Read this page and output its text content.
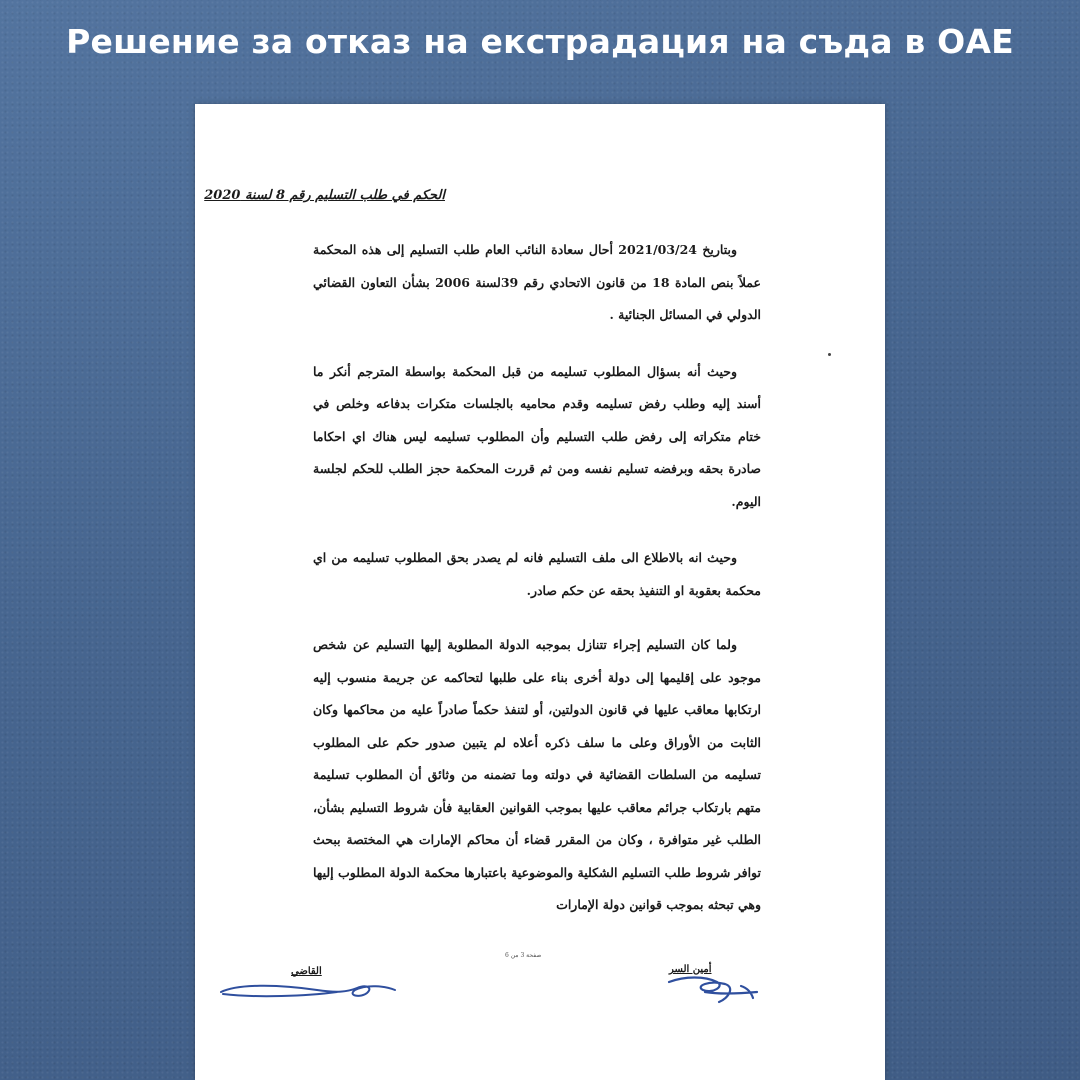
Решение за отказ на екстрадация на съда в ОАЕ
الحكم في طلب التسليم رقم 8 لسنة 2020

وبتاريخ 2021/03/24 أحال سعادة النائب العام طلب التسليم إلى هذه المحكمة عملاً بنص المادة 18 من قانون الاتحادي رقم 39لسنة 2006 بشأن التعاون القضائي الدولي في المسائل الجنائية .

وحيث أنه بسؤال المطلوب تسليمه من قبل المحكمة بواسطة المترجم أنكر ما أسند إليه وطلب رفض تسليمه وقدم محاميه بالجلسات متكرات بدفاعه وخلص في ختام متكراته إلى رفض طلب التسليم وأن المطلوب تسليمه ليس هناك اي احكاما صادرة بحقه وبرفضه تسليم نفسه ومن ثم قررت المحكمة حجز الطلب للحكم لجلسة اليوم.

وحيث انه بالاطلاع الى ملف التسليم فانه لم يصدر بحق المطلوب تسليمه من اي محكمة بعقوبة او التنفيذ بحقه عن حكم صادر.

ولما كان التسليم إجراء تتنازل بموجبه الدولة المطلوبة إليها التسليم عن شخص موجود على إقليمها إلى دولة أخرى بناء على طلبها لتحاكمه عن جريمة منسوب إليه ارتكابها معاقب عليها في قانون الدولتين، أو لتنفذ حكماً صادراً عليه من محاكمها وكان الثابت من الأوراق وعلى ما سلف ذكره أعلاه لم يتبين صدور حكم على المطلوب تسليمه من السلطات القضائية في دولته وما تضمنه من وثائق أن المطلوب تسليمة متهم بارتكاب جرائم معاقب عليها بموجب القوانين العقابية فأن شروط التسليم بشأن، الطلب غير متوافرة ، وكان من المقرر قضاء أن محاكم الإمارات هي المختصة ببحث توافر شروط طلب التسليم الشكلية والموضوعية باعتبارها محكمة الدولة المطلوب إليها وهي تبحثه بموجب قوانين دولة الإمارات

صفحة 3 من 6
أمين السر
القاضي
